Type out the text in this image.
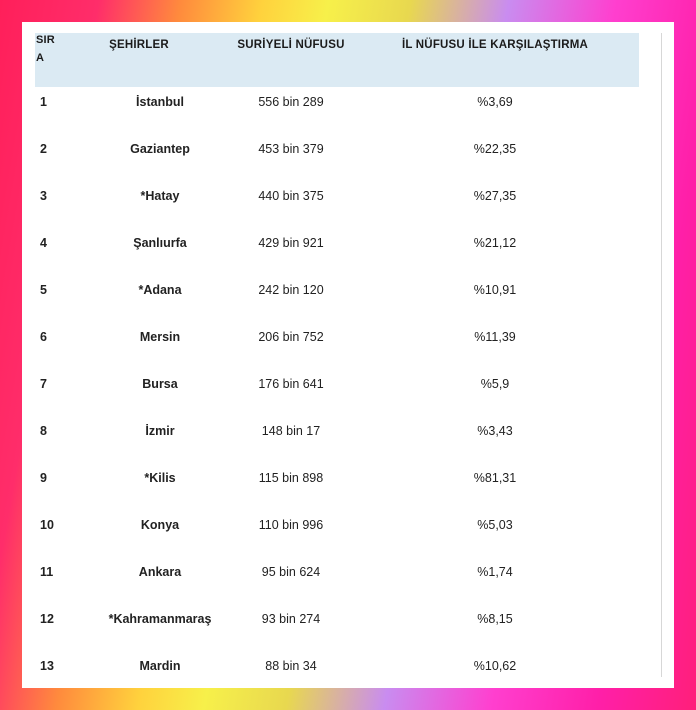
SIR
A
ŞEHİRLER	SURİYELİ NÜFUSU	İL NÜFUSU İLE KARŞILAŞTIRMA
1	İstanbul	556 bin 289	%3,69
2	Gaziantep	453 bin 379	%22,35
3	*Hatay	440 bin 375	%27,35
4	Şanlıurfa	429 bin 921	%21,12
5	*Adana	242 bin 120	%10,91
6	Mersin	206 bin 752	%11,39
7	Bursa	176 bin 641	%5,9
8	İzmir	148 bin 17	%3,43
9	*Kilis	115 bin 898	%81,31
10	Konya	110 bin 996	%5,03
11	Ankara	95 bin 624	%1,74
12	*Kahramanmaraş	93 bin 274	%8,15
13	Mardin	88 bin 34	%10,62
